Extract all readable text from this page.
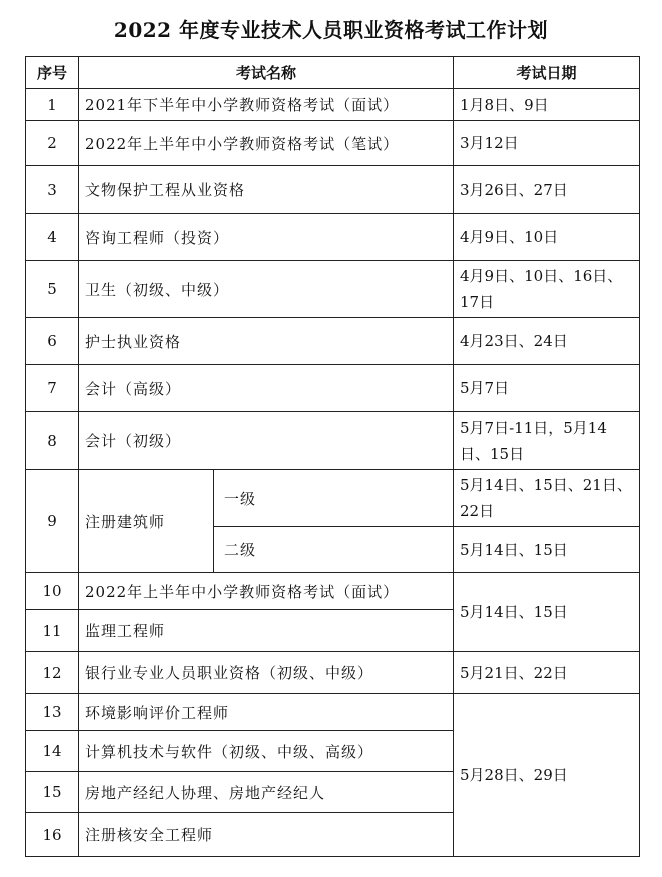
2022 年度专业技术人员职业资格考试工作计划
序号	考试名称		考试日期
1	2021年下半年中小学教师资格考试（面试）		1月8日、9日
2	2022年上半年中小学教师资格考试（笔试）		3月12日
3	文物保护工程从业资格		3月26日、27日
4	咨询工程师（投资）		4月9日、10日
5	卫生（初级、中级）		4月9日、10日、16日、17日
6	护士执业资格		4月23日、24日
7	会计（高级）		5月7日
8	会计（初级）		5月7日-11日，5月14日、15日
9	注册建筑师	一级	5月14日、15日、21日、22日
		二级	5月14日、15日
10	2022年上半年中小学教师资格考试（面试）		5月14日、15日
11	监理工程师		
12	银行业专业人员职业资格（初级、中级）		5月21日、22日
13	环境影响评价工程师		5月28日、29日
14	计算机技术与软件（初级、中级、高级）		
15	房地产经纪人协理、房地产经纪人		
16	注册核安全工程师		
